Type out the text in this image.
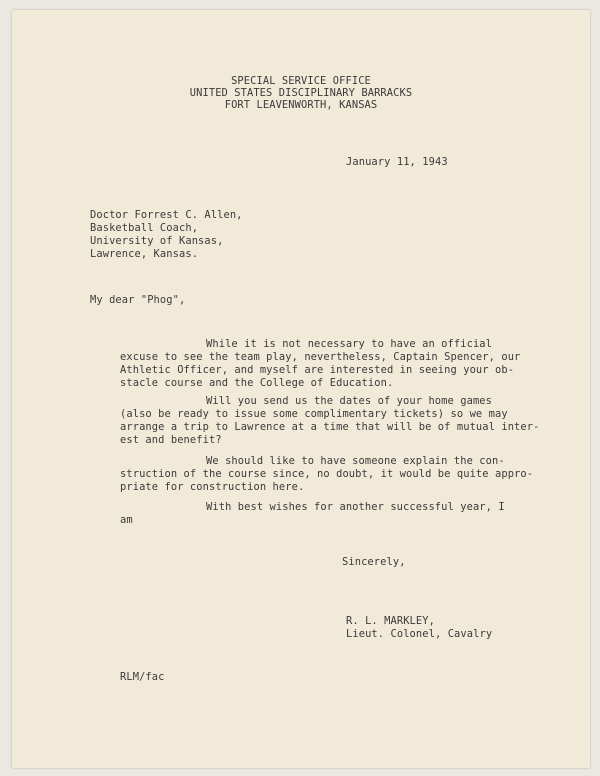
SPECIAL SERVICE OFFICE
UNITED STATES DISCIPLINARY BARRACKS
FORT LEAVENWORTH, KANSAS
January 11, 1943
Doctor Forrest C. Allen,
Basketball Coach,
University of Kansas,
Lawrence, Kansas.
My dear "Phog",
While it is not necessary to have an official
excuse to see the team play, nevertheless, Captain Spencer, our
Athletic Officer, and myself are interested in seeing your ob-
stacle course and the College of Education.
Will you send us the dates of your home games
(also be ready to issue some complimentary tickets) so we may
arrange a trip to Lawrence at a time that will be of mutual inter-
est and benefit?
We should like to have someone explain the con-
struction of the course since, no doubt, it would be quite appro-
priate for construction here.
With best wishes for another successful year, I
am
Sincerely,
R. L. MARKLEY,
Lieut. Colonel, Cavalry
RLM/fac
